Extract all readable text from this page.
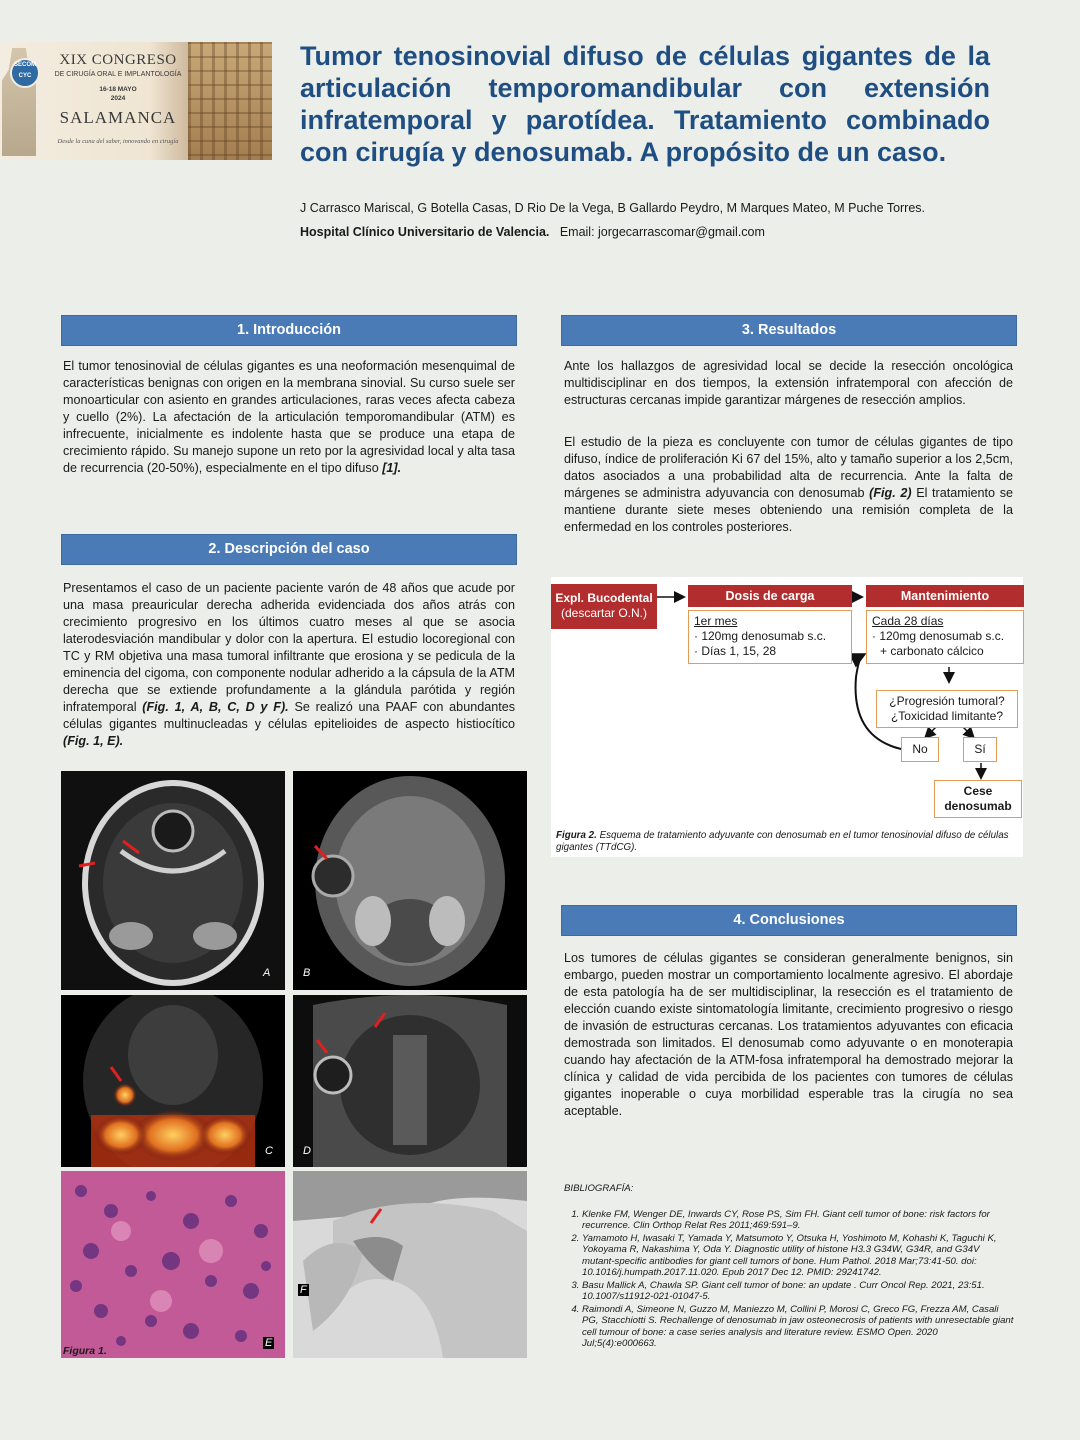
SECOM CYC
XIX CONGRESO
DE CIRUGÍA ORAL E IMPLANTOLOGÍA
16-18 MAYO
2024
SALAMANCA
Desde la cuna del saber, innovando en cirugía
Tumor tenosinovial difuso de células gigantes de la articulación temporomandibular con extensión infratemporal y parotídea. Tratamiento combinado con cirugía y denosumab. A propósito de un caso.
J Carrasco Mariscal, G Botella Casas, D Rio De la Vega, B Gallardo Peydro, M Marques Mateo, M Puche Torres.
Hospital Clínico Universitario de Valencia. Email: jorgecarrascomar@gmail.com
1. Introducción
El tumor tenosinovial de células gigantes es una neoformación mesenquimal de características benignas con origen en la membrana sinovial. Su curso suele ser monoarticular con asiento en grandes articulaciones, raras veces afecta cabeza y cuello (2%). La afectación de la articulación temporomandibular (ATM) es infrecuente, inicialmente es indolente hasta que se produce una etapa de crecimiento rápido. Su manejo supone un reto por la agresividad local y alta tasa de recurrencia (20-50%), especialmente en el tipo difuso [1].
2. Descripción del caso
Presentamos el caso de un paciente paciente varón de 48 años que acude por una masa preauricular derecha adherida evidenciada dos años atrás con crecimiento progresivo en los últimos cuatro meses al que se asocia laterodesviación mandibular y dolor con la apertura. El estudio locoregional con TC y RM objetiva una masa tumoral infiltrante que erosiona y se pedicula de la eminencia del cigoma, con componente nodular adherido a la cápsula de la ATM derecha que se extiende profundamente a la glándula parótida y región infratemporal (Fig. 1, A, B, C, D y F). Se realizó una PAAF con abundantes células gigantes multinucleadas y células epitelioides de aspecto histiocítico (Fig. 1, E).
A	B
C	D
E
F
Figura 1.
3. Resultados
Ante los hallazgos de agresividad local se decide la resección oncológica multidisciplinar en dos tiempos, la extensión infratemporal con afección de estructuras cercanas impide garantizar márgenes de resección amplios.
El estudio de la pieza es concluyente con tumor de células gigantes de tipo difuso, índice de proliferación Ki 67 del 15%, alto y tamaño superior a los 2,5cm, datos asociados a una probabilidad alta de recurrencia. Ante la falta de márgenes se administra adyuvancia con denosumab (Fig. 2) El tratamiento se mantiene durante siete meses obteniendo una remisión completa de la enfermedad en los controles posteriores.
Expl. Bucodental
(descartar O.N.)
Dosis de carga
1er mes
· 120mg denosumab s.c.
· Días 1, 15, 28
Mantenimiento
Cada 28 días
· 120mg denosumab s.c.
+ carbonato cálcico
¿Progresión tumoral?
¿Toxicidad limitante?
No	Sí
Cese
denosumab
Figura 2. Esquema de tratamiento adyuvante con denosumab en el tumor tenosinovial difuso de células gigantes (TTdCG).
4. Conclusiones
Los tumores de células gigantes se consideran generalmente benignos, sin embargo, pueden mostrar un comportamiento localmente agresivo. El abordaje de esta patología ha de ser multidisciplinar, la resección es el tratamiento de elección cuando existe sintomatología limitante, crecimiento progresivo o riesgo de invasión de estructuras cercanas. Los tratamientos adyuvantes con eficacia demostrada son limitados. El denosumab como adyuvante o en monoterapia cuando hay afectación de la ATM-fosa infratemporal ha demostrado mejorar la clínica y calidad de vida percibida de los pacientes con tumores de células gigantes inoperable o cuya morbilidad esperable tras la cirugía no sea aceptable.
BIBLIOGRAFÍA:
1. Klenke FM, Wenger DE, Inwards CY, Rose PS, Sim FH. Giant cell tumor of bone: risk factors for recurrence. Clin Orthop Relat Res 2011;469:591–9.
2. Yamamoto H, Iwasaki T, Yamada Y, Matsumoto Y, Otsuka H, Yoshimoto M, Kohashi K, Taguchi K, Yokoyama R, Nakashima Y, Oda Y. Diagnostic utility of histone H3.3 G34W, G34R, and G34V mutant-specific antibodies for giant cell tumors of bone. Hum Pathol. 2018 Mar;73:41-50. doi: 10.1016/j.humpath.2017.11.020. Epub 2017 Dec 12. PMID: 29241742.
3. Basu Mallick A, Chawla SP. Giant cell tumor of bone: an update . Curr Oncol Rep. 2021, 23:51. 10.1007/s11912-021-01047-5.
4. Raimondi A, Simeone N, Guzzo M, Maniezzo M, Collini P, Morosi C, Greco FG, Frezza AM, Casali PG, Stacchiotti S. Rechallenge of denosumab in jaw osteonecrosis of patients with unresectable giant cell tumour of bone: a case series analysis and literature review. ESMO Open. 2020 Jul;5(4):e000663.
